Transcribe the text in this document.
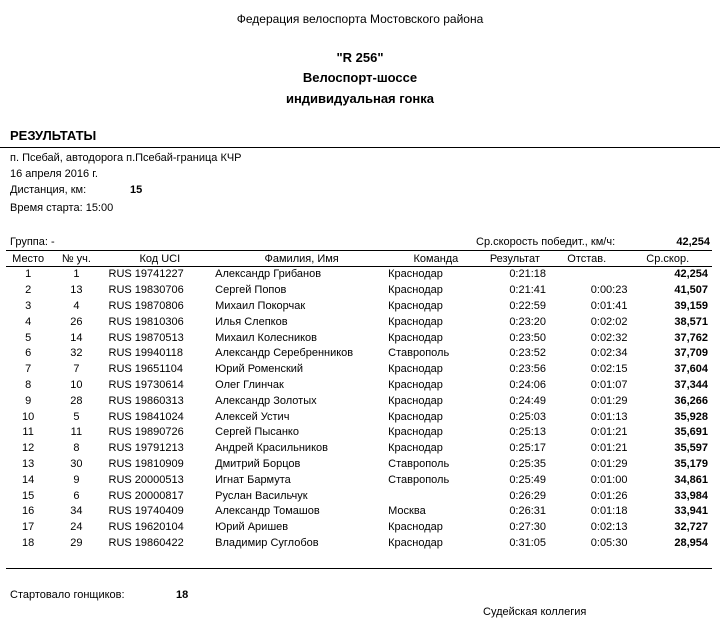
Федерация велоспорта Мостовского района
"R 256"
Велоспорт-шоссе
индивидуальная гонка
РЕЗУЛЬТАТЫ
п. Псебай, автодорога п.Псебай-граница КЧР
16 апреля 2016 г.
Дистанция, км:	15
Время старта: 15:00
Группа: -	Ср.скорость победит., км/ч:	42,254
Место	№ уч.	Код UCI	Фамилия, Имя	Команда	Результат	Отстав.	Ср.скор.
1	1	RUS 19741227	Александр Грибанов	Краснодар	0:21:18		42,254
2	13	RUS 19830706	Сергей Попов	Краснодар	0:21:41	0:00:23	41,507
3	4	RUS 19870806	Михаил Покорчак	Краснодар	0:22:59	0:01:41	39,159
4	26	RUS 19810306	Илья Слепков	Краснодар	0:23:20	0:02:02	38,571
5	14	RUS 19870513	Михаил Колесников	Краснодар	0:23:50	0:02:32	37,762
6	32	RUS 19940118	Александр Серебренников	Ставрополь	0:23:52	0:02:34	37,709
7	7	RUS 19651104	Юрий Роменский	Краснодар	0:23:56	0:02:15	37,604
8	10	RUS 19730614	Олег Глинчак	Краснодар	0:24:06	0:01:07	37,344
9	28	RUS 19860313	Александр Золотых	Краснодар	0:24:49	0:01:29	36,266
10	5	RUS 19841024	Алексей Устич	Краснодар	0:25:03	0:01:13	35,928
11	11	RUS 19890726	Сергей Пысанко	Краснодар	0:25:13	0:01:21	35,691
12	8	RUS 19791213	Андрей Красильников	Краснодар	0:25:17	0:01:21	35,597
13	30	RUS 19810909	Дмитрий Борцов	Ставрополь	0:25:35	0:01:29	35,179
14	9	RUS 20000513	Игнат Бармута	Ставрополь	0:25:49	0:01:00	34,861
15	6	RUS 20000817	Руслан Васильчук		0:26:29	0:01:26	33,984
16	34	RUS 19740409	Александр Томашов	Москва	0:26:31	0:01:18	33,941
17	24	RUS 19620104	Юрий Аришев	Краснодар	0:27:30	0:02:13	32,727
18	29	RUS 19860422	Владимир Суглобов	Краснодар	0:31:05	0:05:30	28,954
Стартовало гонщиков:	18
Судейская коллегия
